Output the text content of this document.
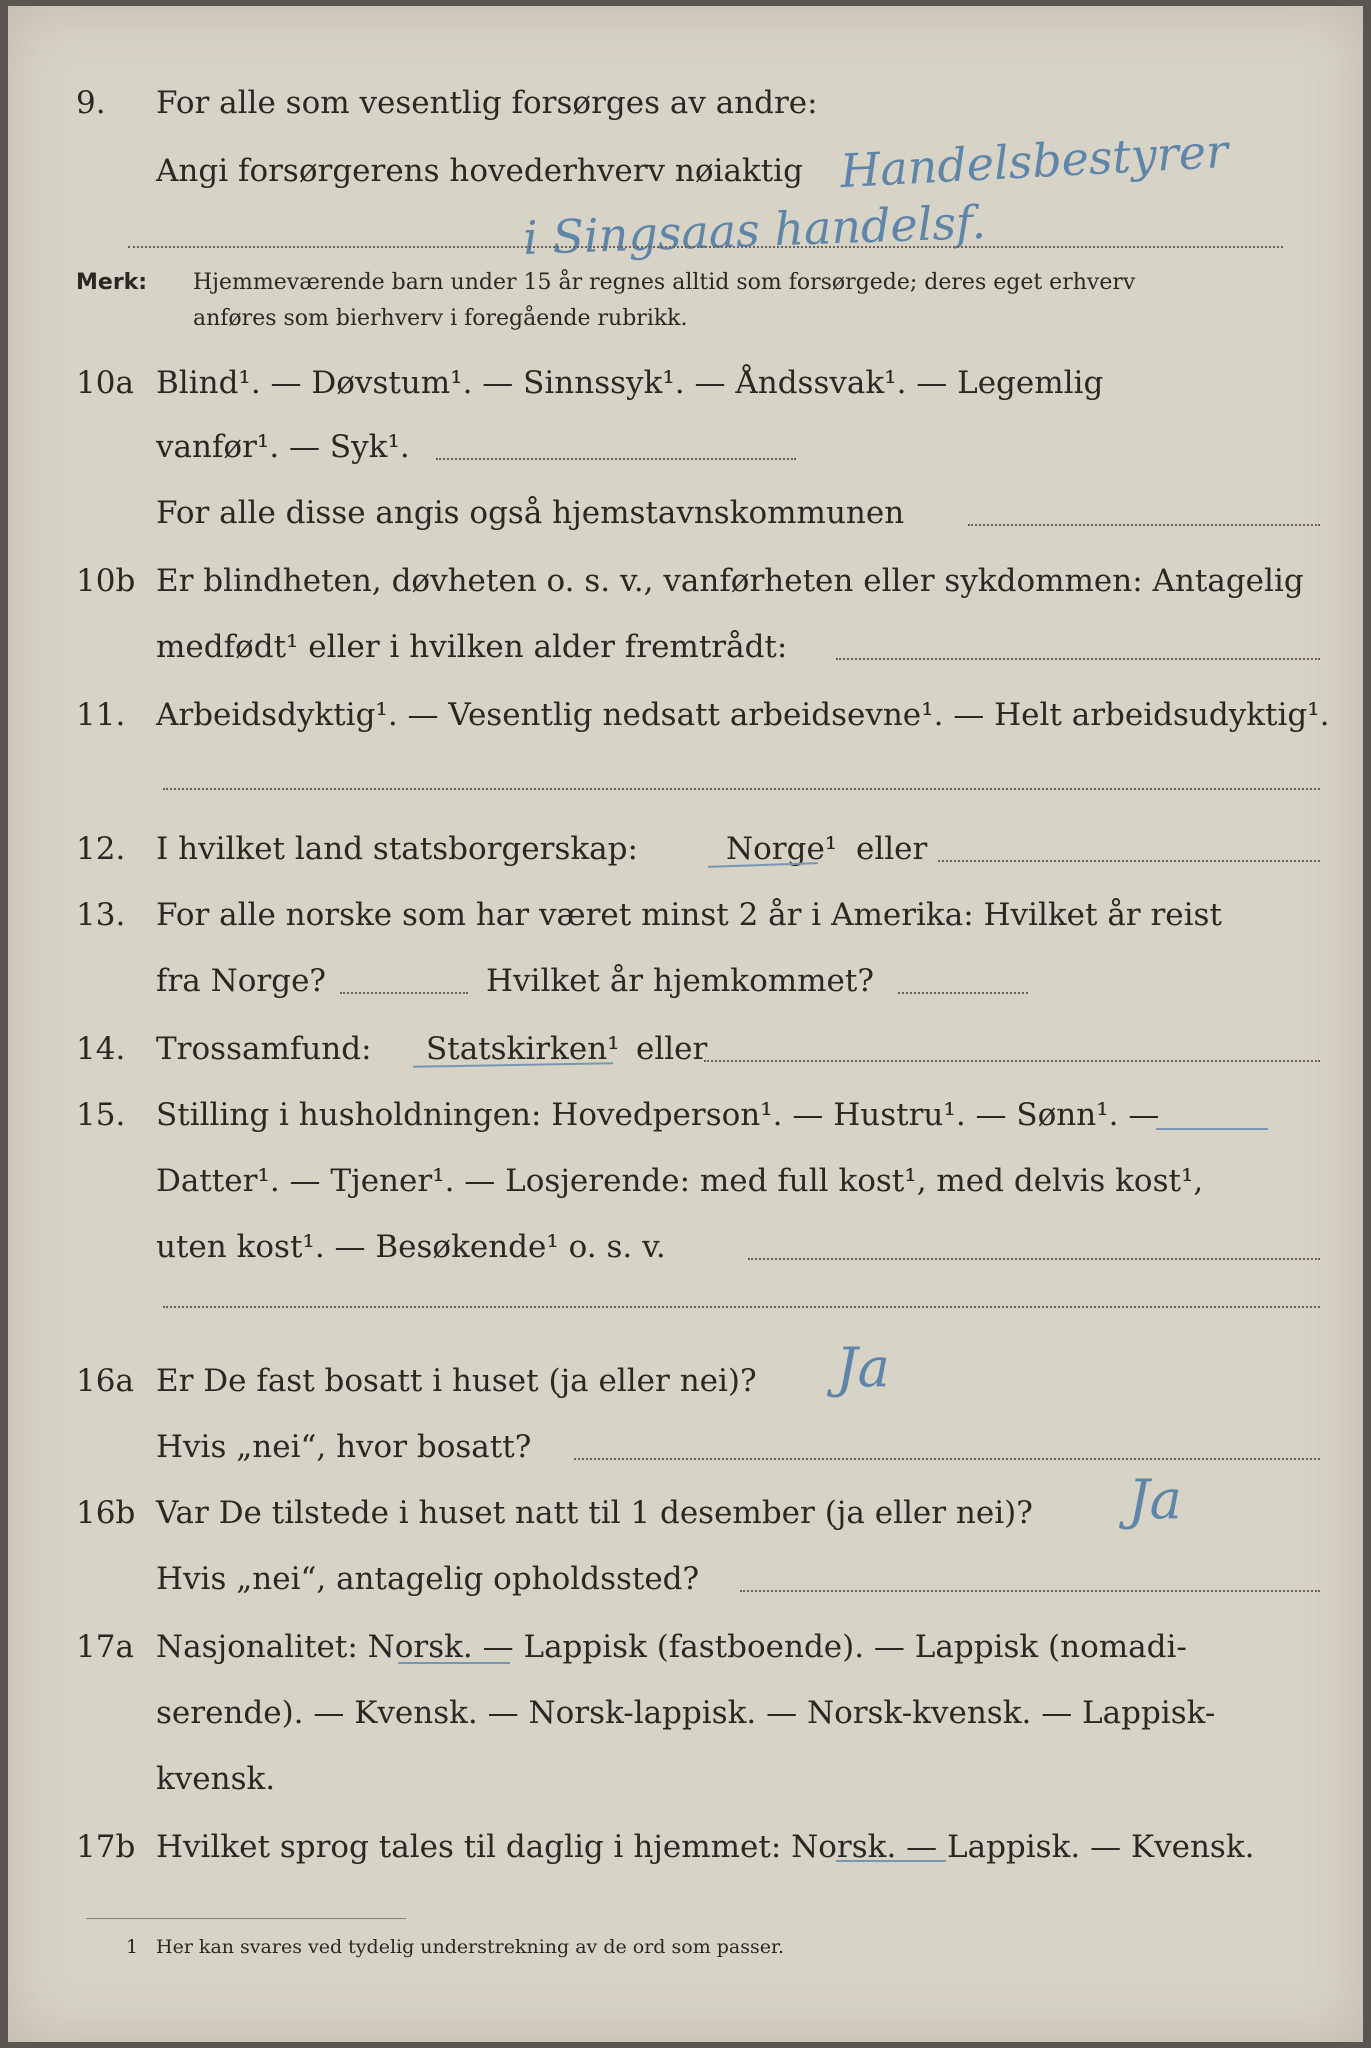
9. For alle som vesentlig forsørges av andre:
Angi forsørgerens hovederhverv nøiaktig Handelsbestyrer
i Singsaas handelsf.
Merk: Hjemmeværende barn under 15 år regnes alltid som forsørgede; deres eget erhverv
anføres som bierhverv i foregående rubrikk.
10a Blind¹. — Døvstum¹. — Sinnssyk¹. — Åndssvak¹. — Legemlig
vanfør¹. — Syk¹.
For alle disse angis også hjemstavnskommunen
10b Er blindheten, døvheten o. s. v., vanførheten eller sykdommen: Antagelig
medfødt¹ eller i hvilken alder fremtrådt:
11. Arbeidsdyktig¹. — Vesentlig nedsatt arbeidsevne¹. — Helt arbeidsudyktig¹.
12. I hvilket land statsborgerskap:	Norge¹ eller
13. For alle norske som har været minst 2 år i Amerika: Hvilket år reist
fra Norge?	Hvilket år hjemkommet?
14. Trossamfund: Statskirken¹ eller
15. Stilling i husholdningen: Hovedperson¹. — Hustru¹. — Sønn¹. —
Datter¹. — Tjener¹. — Losjerende: med full kost¹, med delvis kost¹,
uten kost¹. — Besøkende¹ o. s. v.
16a Er De fast bosatt i huset (ja eller nei)? Ja
Hvis „nei“, hvor bosatt?
16b Var De tilstede i huset natt til 1 desember (ja eller nei)? Ja
Hvis „nei“, antagelig opholdssted?
17a Nasjonalitet: Norsk. — Lappisk (fastboende). — Lappisk (nomadi-
serende). — Kvensk. — Norsk-lappisk. — Norsk-kvensk. — Lappisk-
kvensk.
17b Hvilket sprog tales til daglig i hjemmet: Norsk. — Lappisk. — Kvensk.
1 Her kan svares ved tydelig understrekning av de ord som passer.
